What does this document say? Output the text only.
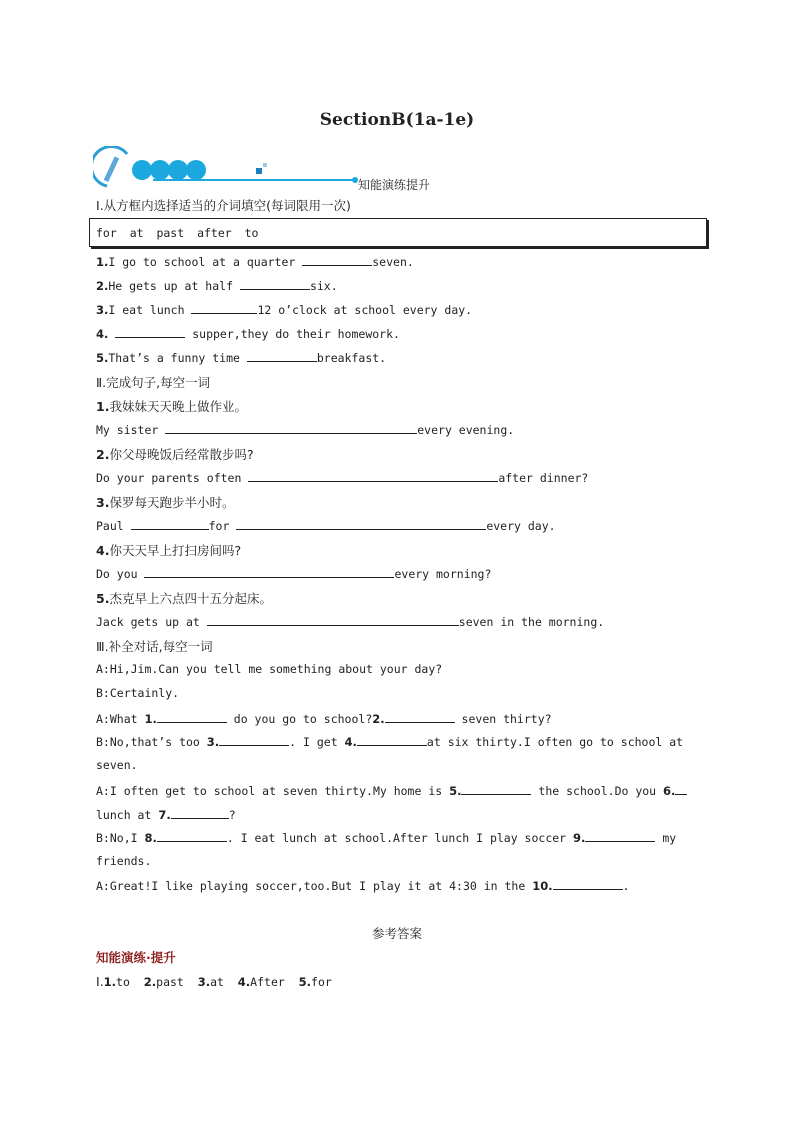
SectionB(1a-1e)
知能演练提升
Ⅰ.从方框内选择适当的介词填空(每词限用一次)
for at past after to
1.I go to school at a quarter	seven.
2.He gets up at half	six.
3.I eat lunch	12 o’clock at school every day.
4.	supper,they do their homework.
5.That’s a funny time	breakfast.
Ⅱ.完成句子,每空一词
1.我妹妹天天晚上做作业。
My sister	every evening.
2.你父母晚饭后经常散步吗?
Do your parents often	after dinner?
3.保罗每天跑步半小时。
Paul	for	every day.
4.你天天早上打扫房间吗?
Do you	every morning?
5.杰克早上六点四十五分起床。
Jack gets up at	seven in the morning.
Ⅲ.补全对话,每空一词
A:Hi,Jim.Can you tell me something about your day?
B:Certainly.
A:What 1.	do you go to school?2.	seven thirty?
B:No,that’s too 3.	. I get 4.	at six thirty.I often go to school at
seven.
A:I often get to school at seven thirty.My home is 5.	the school.Do you 6.
lunch at 7.	?
B:No,I 8.	. I eat lunch at school.After lunch I play soccer 9.	my
friends.
A:Great!I like playing soccer,too.But I play it at 4:30 in the 10.	.
参考答案
知能演练·提升
Ⅰ.1.to 2.past 3.at 4.After 5.for
